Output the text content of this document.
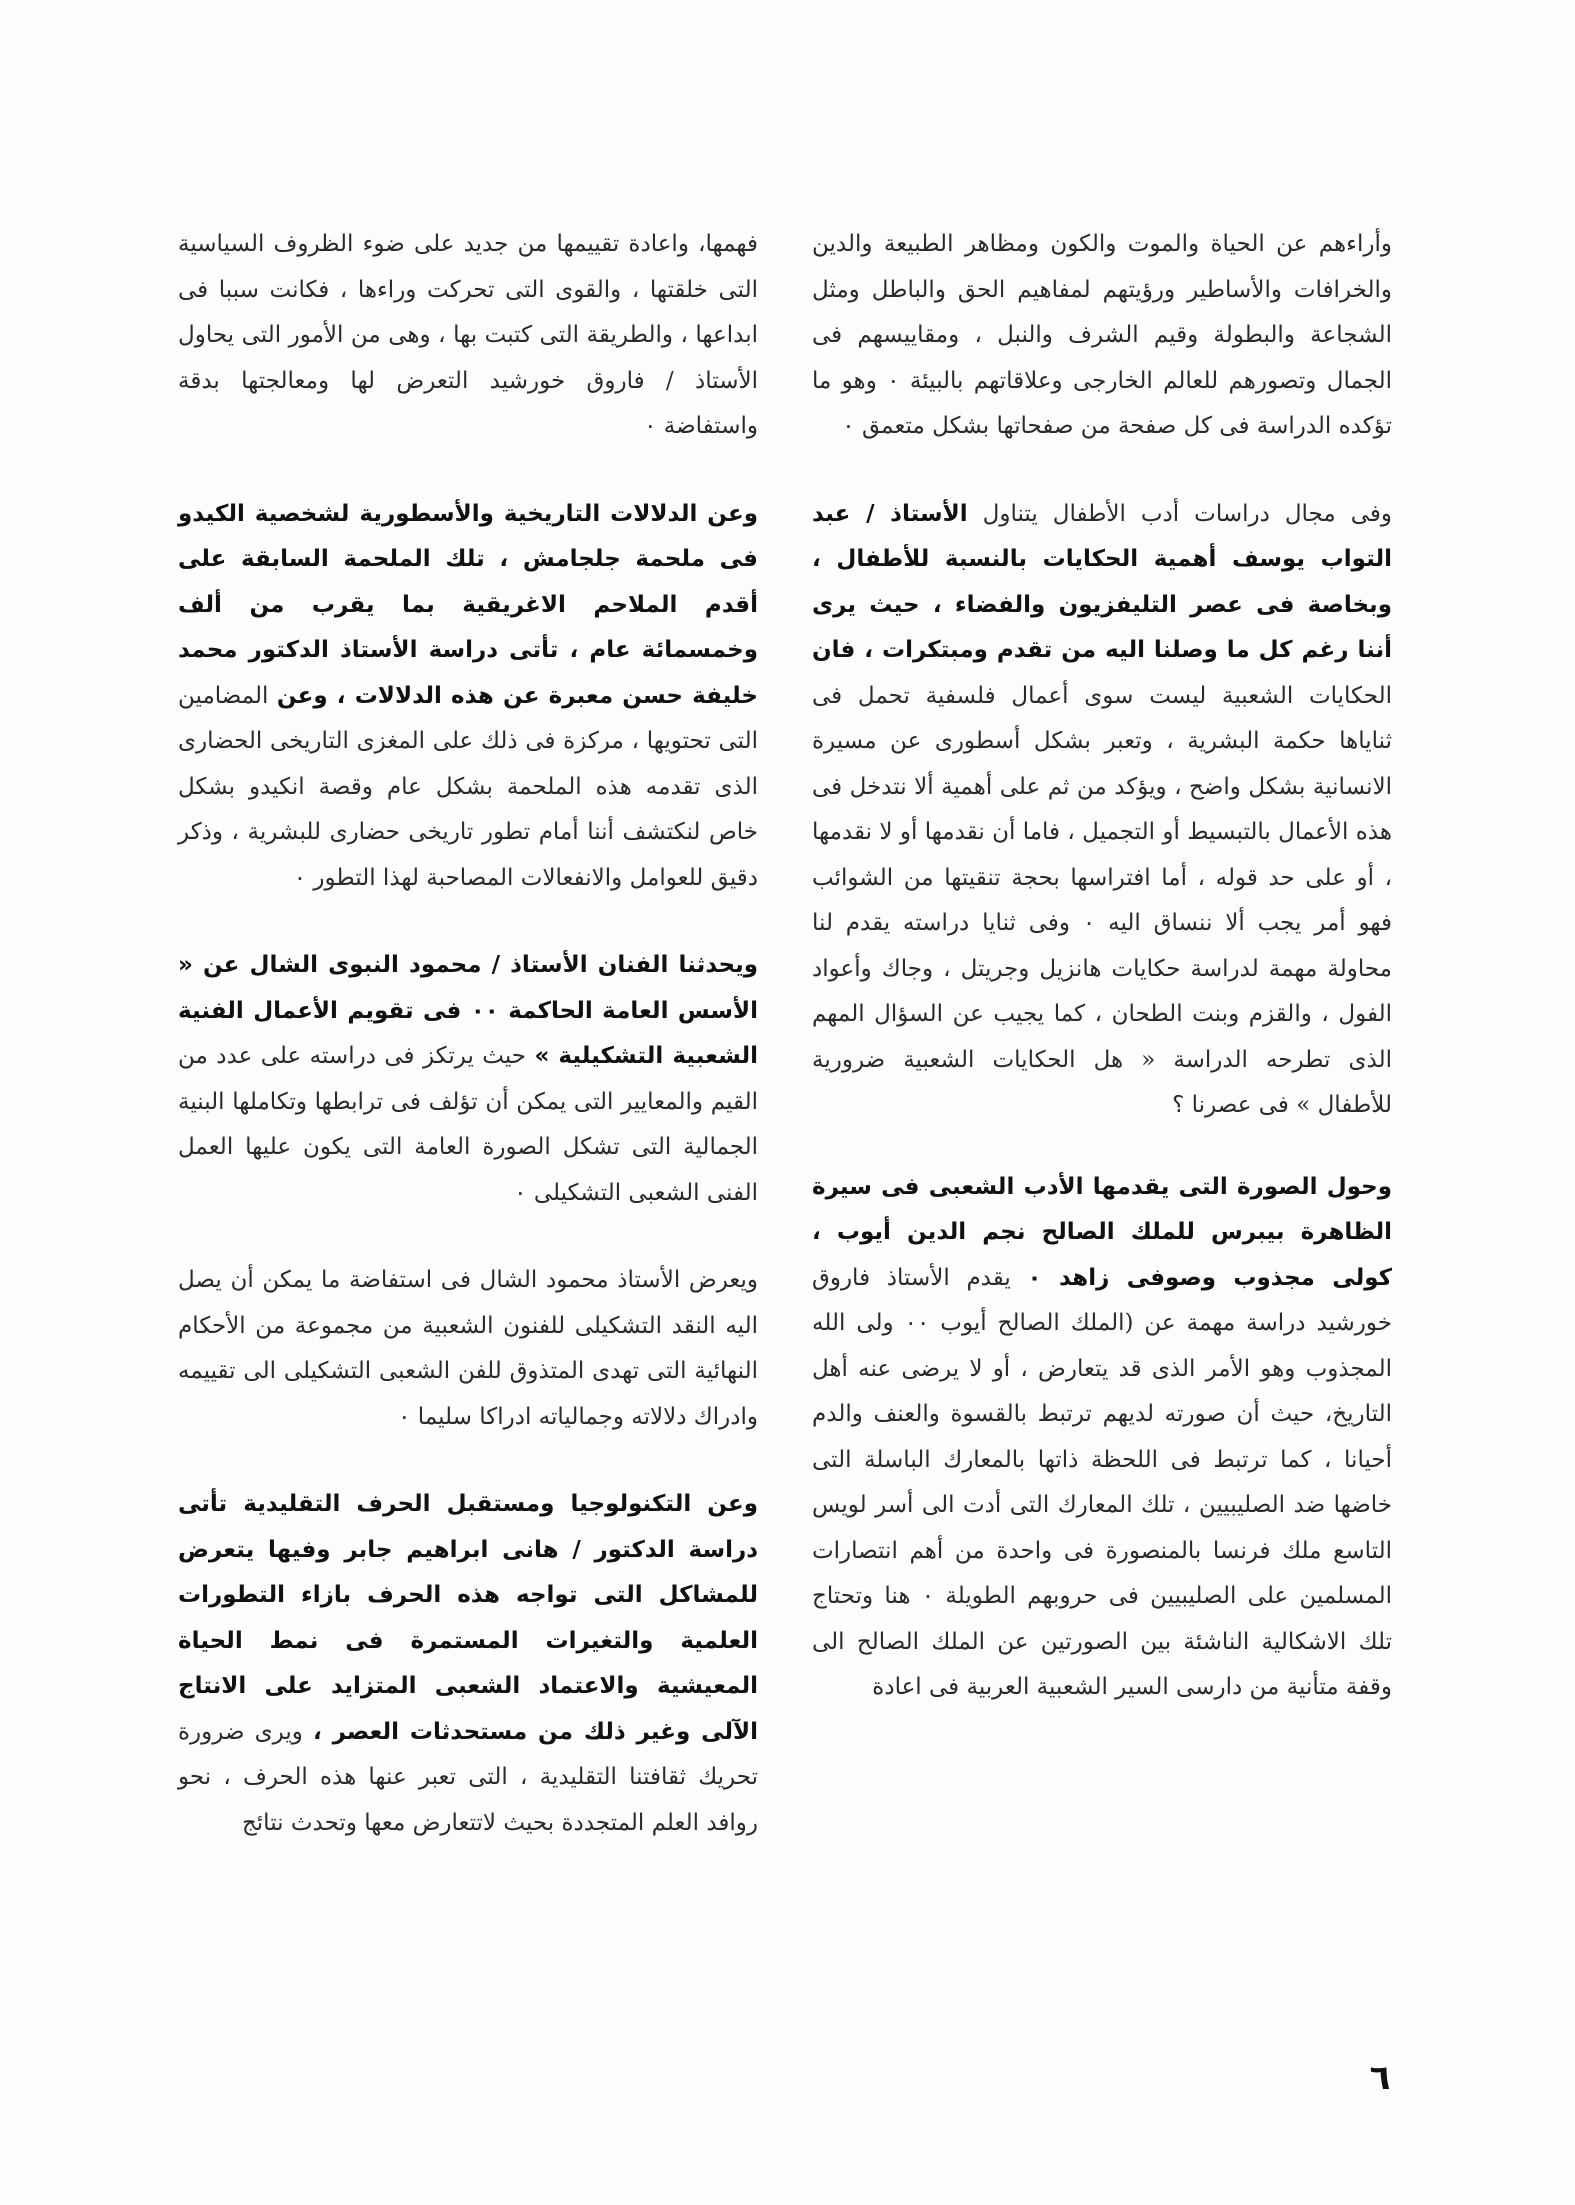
وأراءهم عن الحياة والموت والكون ومظاهر الطبيعة والدين والخرافات والأساطير ورؤيتهم لمفاهيم الحق والباطل ومثل الشجاعة والبطولة وقيم الشرف والنبل ، ومقاييسهم فى الجمال وتصورهم للعالم الخارجى وعلاقاتهم بالبيئة ٠ وهو ما تؤكده الدراسة فى كل صفحة من صفحاتها بشكل متعمق ٠

وفى مجال دراسات أدب الأطفال يتناول الأستاذ / عبد التواب يوسف أهمية الحكايات بالنسبة للأطفال ، وبخاصة فى عصر التليفزيون والفضاء ، حيث يرى أننا رغم كل ما وصلنا اليه من تقدم ومبتكرات ، فان الحكايات الشعبية ليست سوى أعمال فلسفية تحمل فى ثناياها حكمة البشرية ، وتعبر بشكل أسطورى عن مسيرة الانسانية بشكل واضح ، ويؤكد من ثم على أهمية ألا نتدخل فى هذه الأعمال بالتبسيط أو التجميل ، فاما أن نقدمها أو لا نقدمها ، أو على حد قوله ، أما افتراسها بحجة تنقيتها من الشوائب فهو أمر يجب ألا ننساق اليه ٠ وفى ثنايا دراسته يقدم لنا محاولة مهمة لدراسة حكايات هانزيل وجريتل ، وجاك وأعواد الفول ، والقزم وبنت الطحان ، كما يجيب عن السؤال المهم الذى تطرحه الدراسة « هل الحكايات الشعبية ضرورية للأطفال » فى عصرنا ؟

وحول الصورة التى يقدمها الأدب الشعبى فى سيرة الظاهرة بيبرس للملك الصالح نجم الدين أيوب ، كولى مجذوب وصوفى زاهد ٠ يقدم الأستاذ فاروق خورشيد دراسة مهمة عن (الملك الصالح أيوب ٠٠ ولى الله المجذوب وهو الأمر الذى قد يتعارض ، أو لا يرضى عنه أهل التاريخ، حيث أن صورته لديهم ترتبط بالقسوة والعنف والدم أحيانا ، كما ترتبط فى اللحظة ذاتها بالمعارك الباسلة التى خاضها ضد الصليبيين ، تلك المعارك التى أدت الى أسر لويس التاسع ملك فرنسا بالمنصورة فى واحدة من أهم انتصارات المسلمين على الصليبيين فى حروبهم الطويلة ٠ هنا وتحتاج تلك الاشكالية الناشئة بين الصورتين عن الملك الصالح الى وقفة متأنية من دارسى السير الشعبية العربية فى اعادة

فهمها، واعادة تقييمها من جديد على ضوء الظروف السياسية التى خلقتها ، والقوى التى تحركت وراءها ، فكانت سببا فى ابداعها ، والطريقة التى كتبت بها ، وهى من الأمور التى يحاول الأستاذ / فاروق خورشيد التعرض لها ومعالجتها بدقة واستفاضة ٠

وعن الدلالات التاريخية والأسطورية لشخصية الكيدو فى ملحمة جلجامش ، تلك الملحمة السابقة على أقدم الملاحم الاغريقية بما يقرب من ألف وخمسمائة عام ، تأتى دراسة الأستاذ الدكتور محمد خليفة حسن معبرة عن هذه الدلالات ، وعن المضامين التى تحتويها ، مركزة فى ذلك على المغزى التاريخى الحضارى الذى تقدمه هذه الملحمة بشكل عام وقصة انكيدو بشكل خاص لنكتشف أننا أمام تطور تاريخى حضارى للبشرية ، وذكر دقيق للعوامل والانفعالات المصاحبة لهذا التطور ٠

ويحدثنا الفنان الأستاذ / محمود النبوى الشال عن « الأسس العامة الحاكمة ٠٠ فى تقويم الأعمال الفنية الشعبية التشكيلية » حيث يرتكز فى دراسته على عدد من القيم والمعايير التى يمكن أن تؤلف فى ترابطها وتكاملها البنية الجمالية التى تشكل الصورة العامة التى يكون عليها العمل الفنى الشعبى التشكيلى ٠

ويعرض الأستاذ محمود الشال فى استفاضة ما يمكن أن يصل اليه النقد التشكيلى للفنون الشعبية من مجموعة من الأحكام النهائية التى تهدى المتذوق للفن الشعبى التشكيلى الى تقييمه وادراك دلالاته وجمالياته ادراكا سليما ٠

وعن التكنولوجيا ومستقبل الحرف التقليدية تأتى دراسة الدكتور / هانى ابراهيم جابر وفيها يتعرض للمشاكل التى تواجه هذه الحرف بازاء التطورات العلمية والتغيرات المستمرة فى نمط الحياة المعيشية والاعتماد الشعبى المتزايد على الانتاج الآلى وغير ذلك من مستحدثات العصر ، ويرى ضرورة تحريك ثقافتنا التقليدية ، التى تعبر عنها هذه الحرف ، نحو روافد العلم المتجددة بحيث لاتتعارض معها وتحدث نتائج

٦
